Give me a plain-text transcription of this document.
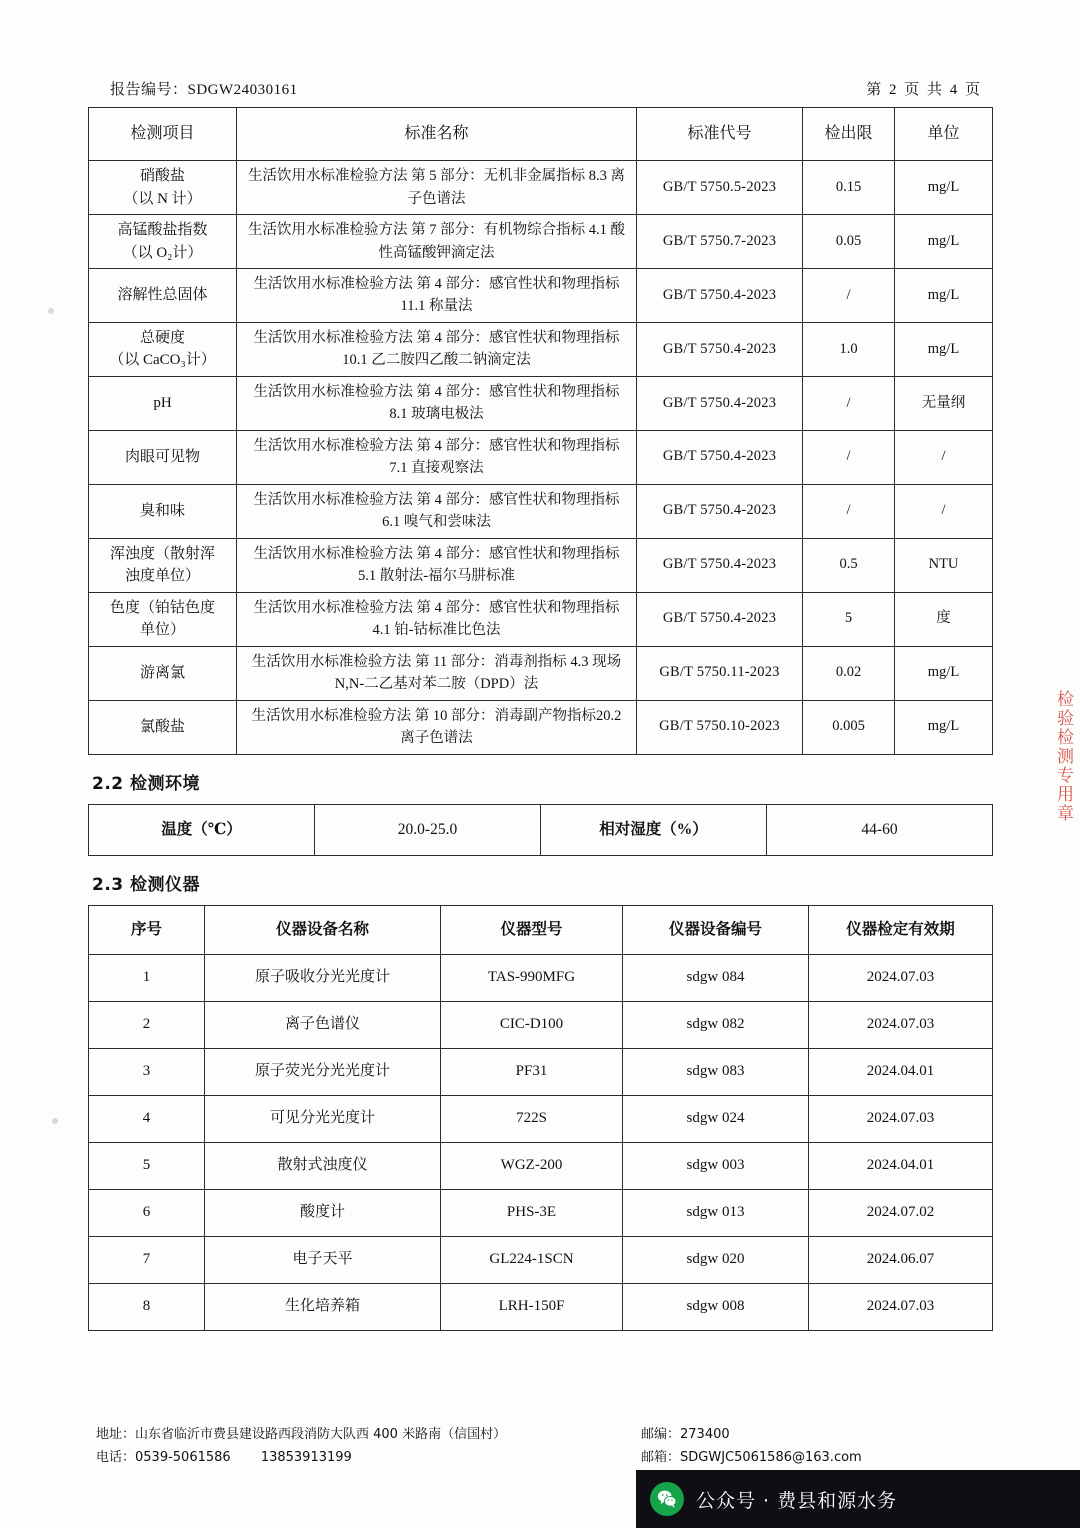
报告编号：SDGW24030161	第 2 页 共 4 页
检测项目	标准名称	标准代号	检出限	单位

硝酸盐
（以 N 计）	生活饮用水标准检验方法 第 5 部分：无机非金属指标 8.3 离子色谱法	GB/T 5750.5-2023	0.15	mg/L

高锰酸盐指数
（以 O₂计）	生活饮用水标准检验方法 第 7 部分：有机物综合指标 4.1 酸性高锰酸钾滴定法	GB/T 5750.7-2023	0.05	mg/L

溶解性总固体	生活饮用水标准检验方法 第 4 部分：感官性状和物理指标 11.1 称量法	GB/T 5750.4-2023	/	mg/L

总硬度
（以 CaCO₃计）	生活饮用水标准检验方法 第 4 部分：感官性状和物理指标 10.1 乙二胺四乙酸二钠滴定法	GB/T 5750.4-2023	1.0	mg/L
pH	生活饮用水标准检验方法 第 4 部分：感官性状和物理指标 8.1 玻璃电极法	GB/T 5750.4-2023	/	无量纲
肉眼可见物	生活饮用水标准检验方法 第 4 部分：感官性状和物理指标 7.1 直接观察法	GB/T 5750.4-2023	/	/
臭和味	生活饮用水标准检验方法 第 4 部分：感官性状和物理指标 6.1 嗅气和尝味法	GB/T 5750.4-2023	/	/

浑浊度（散射浑
浊度单位）	生活饮用水标准检验方法 第 4 部分：感官性状和物理指标 5.1 散射法-福尔马肼标准	GB/T 5750.4-2023	0.5	NTU

色度（铂钴色度
单位）	生活饮用水标准检验方法 第 4 部分：感官性状和物理指标 4.1 铂-钴标准比色法	GB/T 5750.4-2023	5	度
游离氯	生活饮用水标准检验方法 第 11 部分：消毒剂指标 4.3 现场 N,N-二乙基对苯二胺（DPD）法	GB/T 5750.11-2023	0.02	mg/L
氯酸盐	生活饮用水标准检验方法 第 10 部分：消毒副产物指标20.2离子色谱法	GB/T 5750.10-2023	0.005	mg/L
2.2 检测环境
温度（℃）	20.0-25.0	相对湿度（%）	44-60
2.3 检测仪器
序号	仪器设备名称	仪器型号	仪器设备编号	仪器检定有效期
1	原子吸收分光光度计	TAS-990MFG	sdgw 084	2024.07.03
2	离子色谱仪	CIC-D100	sdgw 082	2024.07.03
3	原子荧光分光光度计	PF31	sdgw 083	2024.04.01
4	可见分光光度计	722S	sdgw 024	2024.07.03
5	散射式浊度仪	WGZ-200	sdgw 003	2024.04.01
6	酸度计	PHS-3E	sdgw 013	2024.07.02
7	电子天平	GL224-1SCN	sdgw 020	2024.06.07
8	生化培养箱	LRH-150F	sdgw 008	2024.07.03
检验检测专用章
地址：山东省临沂市费县建设路西段消防大队西 400 米路南（信国村）	邮编：273400
电话：0539-5061586 13853913199	邮箱：SDGWJC5061586@163.com
公众号 · 费县和源水务
